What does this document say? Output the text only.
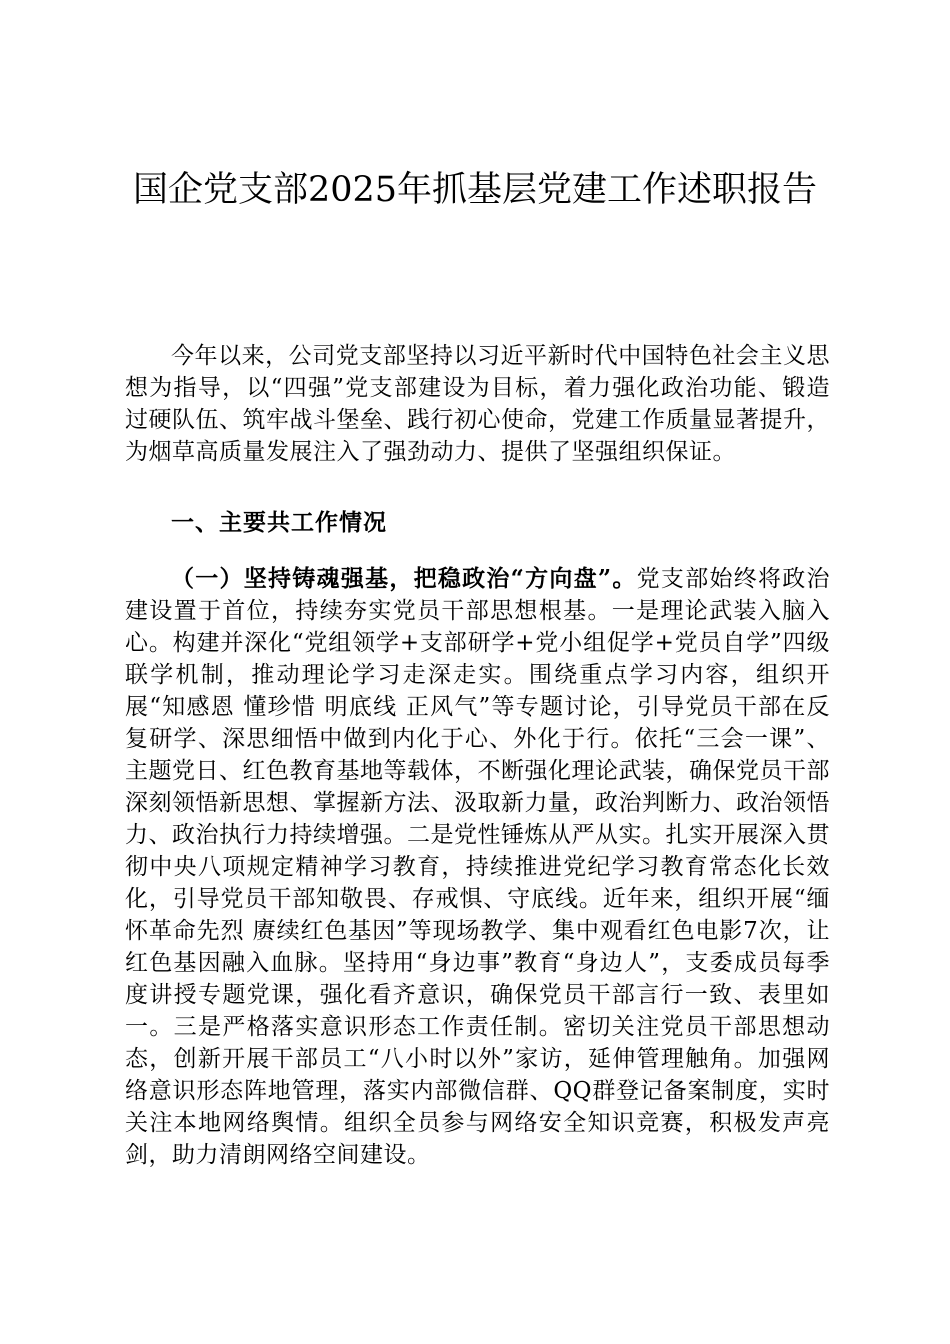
国企党支部2025年抓基层党建工作述职报告
今年以来，公司党支部坚持以习近平新时代中国特色社会主义思想为指导，以“四强”党支部建设为目标，着力强化政治功能、锻造过硬队伍、筑牢战斗堡垒、践行初心使命，党建工作质量显著提升，为烟草高质量发展注入了强劲动力、提供了坚强组织保证。
一、主要共工作情况
（一）坚持铸魂强基，把稳政治“方向盘”。党支部始终将政治建设置于首位，持续夯实党员干部思想根基。一是理论武装入脑入心。构建并深化“党组领学+支部研学+党小组促学+党员自学”四级联学机制，推动理论学习走深走实。围绕重点学习内容，组织开展“知感恩 懂珍惜 明底线 正风气”等专题讨论，引导党员干部在反复研学、深思细悟中做到内化于心、外化于行。依托“三会一课”、主题党日、红色教育基地等载体，不断强化理论武装，确保党员干部深刻领悟新思想、掌握新方法、汲取新力量，政治判断力、政治领悟力、政治执行力持续增强。二是党性锤炼从严从实。扎实开展深入贯彻中央八项规定精神学习教育，持续推进党纪学习教育常态化长效化，引导党员干部知敬畏、存戒惧、守底线。近年来，组织开展“缅怀革命先烈 赓续红色基因”等现场教学、集中观看红色电影7次，让红色基因融入血脉。坚持用“身边事”教育“身边人”，支委成员每季度讲授专题党课，强化看齐意识，确保党员干部言行一致、表里如一。三是严格落实意识形态工作责任制。密切关注党员干部思想动态，创新开展干部员工“八小时以外”家访，延伸管理触角。加强网络意识形态阵地管理，落实内部微信群、QQ群登记备案制度，实时关注本地网络舆情。组织全员参与网络安全知识竞赛，积极发声亮剑，助力清朗网络空间建设。
